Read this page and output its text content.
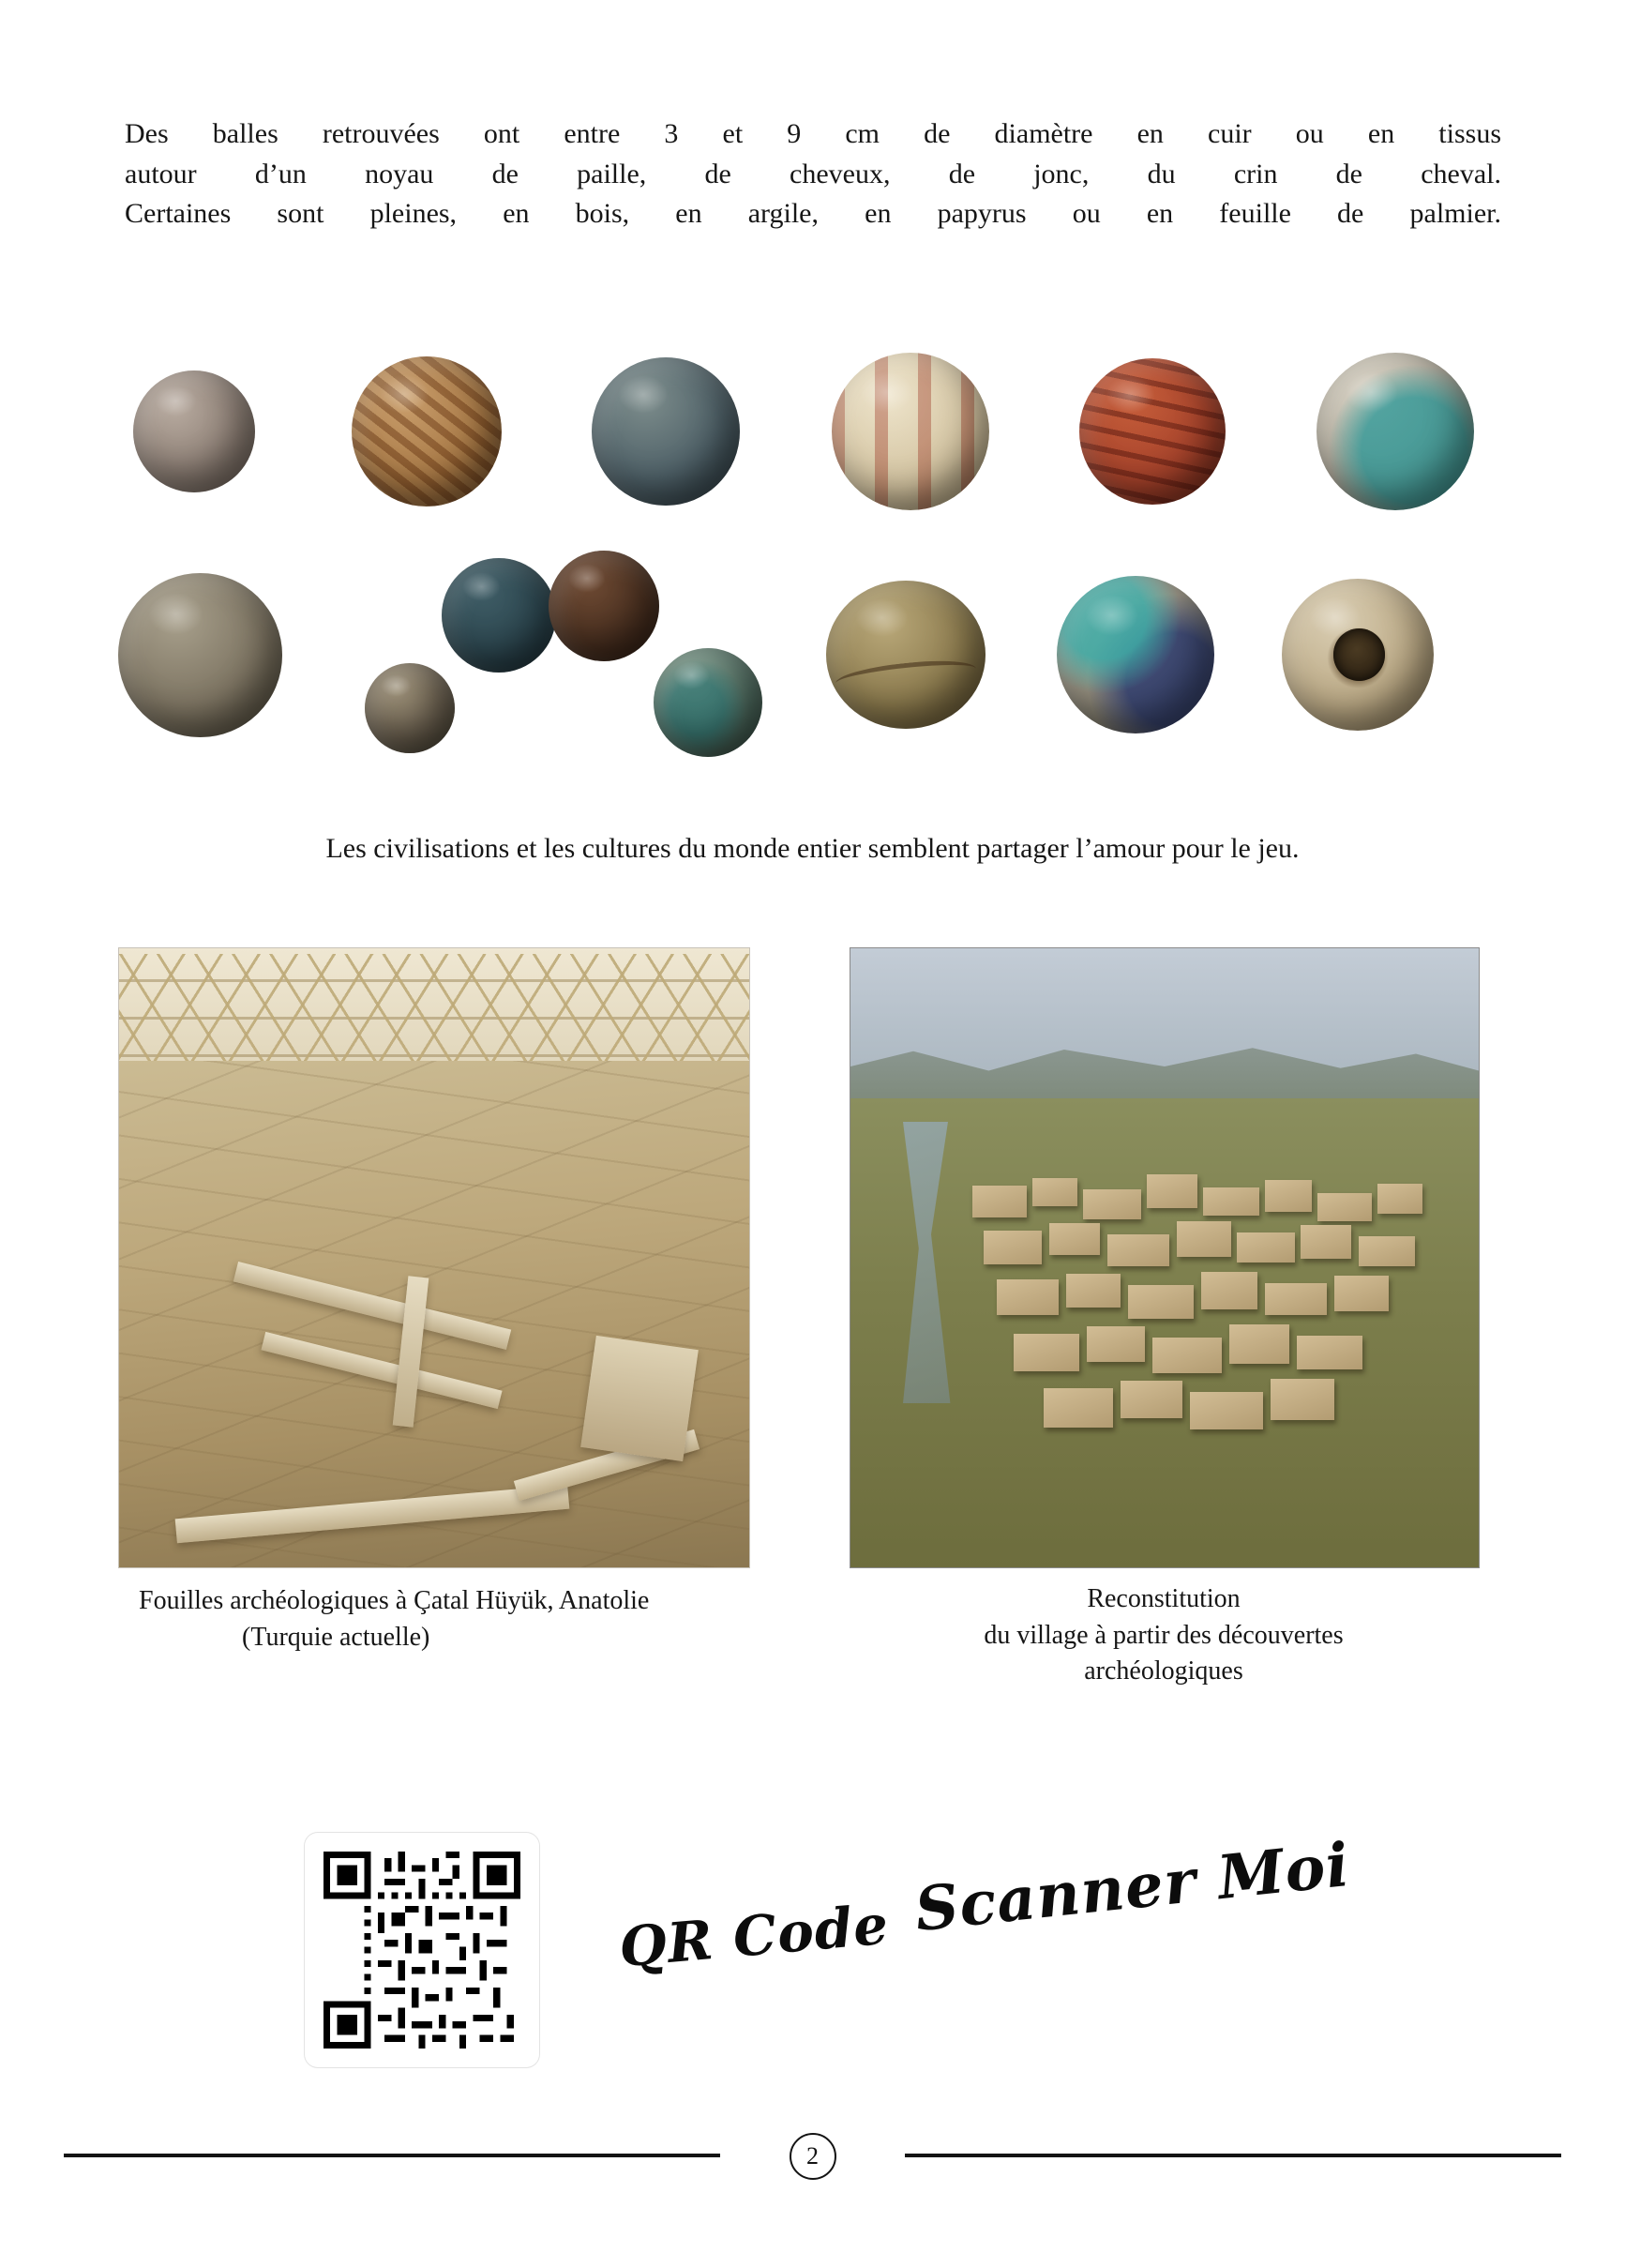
Des balles retrouvées ont entre 3 et 9 cm de diamètre en cuir ou en tissus
autour d’un noyau de paille, de cheveux, de jonc, du crin de cheval.
Certaines sont pleines, en bois, en argile, en papyrus ou en feuille de palmier.
Les civilisations et les cultures du monde entier semblent partager l’amour pour le jeu.
Fouilles archéologiques à Çatal Hüyük, Anatolie
(Turquie actuelle)
Reconstitution
du village à partir des découvertes
archéologiques
QR Code Scanner Moi
2
